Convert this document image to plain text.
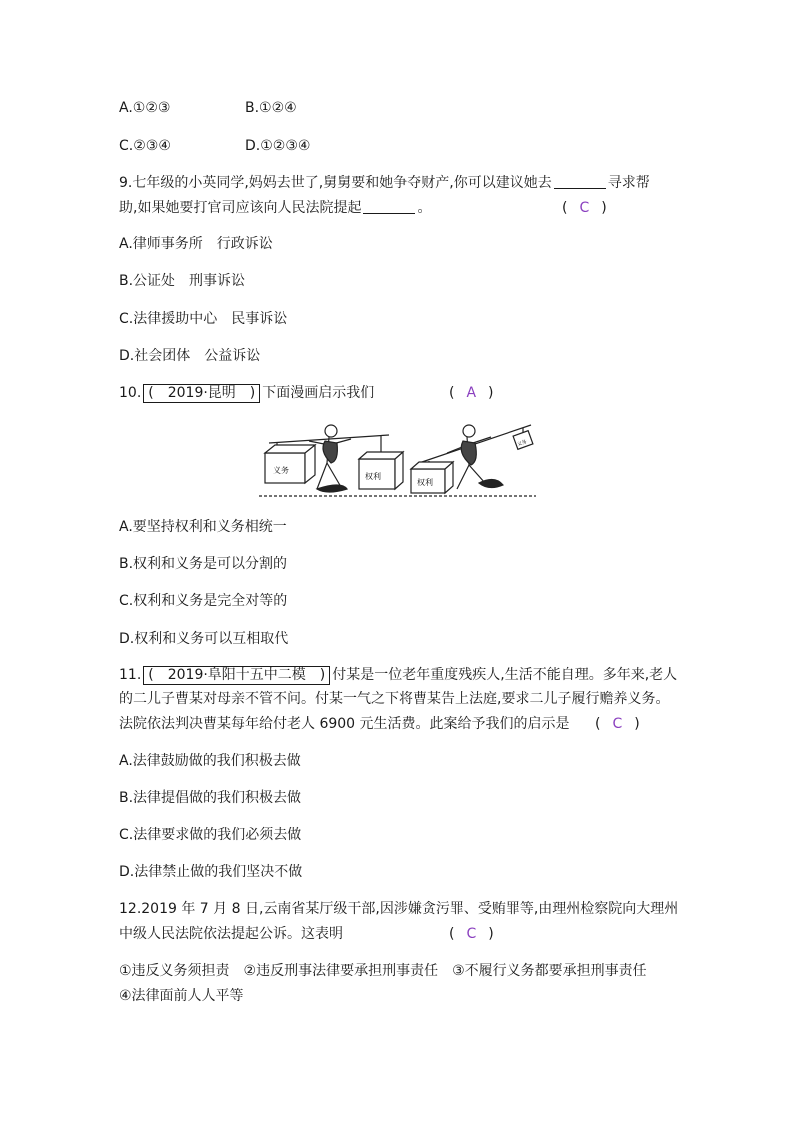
A.①②③	B.①②④
C.②③④	D.①②③④
9.七年级的小英同学,妈妈去世了,舅舅要和她争夺财产,你可以建议她去	寻求帮
助,如果她要打官司应该向人民法院提起	。	( C )
A.律师事务所　行政诉讼
B.公证处　刑事诉讼
C.法律援助中心　民事诉讼
D.社会团体　公益诉讼
10. (　2019·昆明　) 下面漫画启示我们	( A )
义务
权利
权利
义务
A.要坚持权利和义务相统一
B.权利和义务是可以分割的
C.权利和义务是完全对等的
D.权利和义务可以互相取代
11. (　2019·阜阳十五中二模　) 付某是一位老年重度残疾人,生活不能自理。多年来,老人
的二儿子曹某对母亲不管不问。付某一气之下将曹某告上法庭,要求二儿子履行赡养义务。
法院依法判决曹某每年给付老人 6900 元生活费。此案给予我们的启示是 ( C )
A.法律鼓励做的我们积极去做
B.法律提倡做的我们积极去做
C.法律要求做的我们必须去做
D.法律禁止做的我们坚决不做
12.2019 年 7 月 8 日,云南省某厅级干部,因涉嫌贪污罪、受贿罪等,由理州检察院向大理州
中级人民法院依法提起公诉。这表明	( C )
①违反义务须担责　②违反刑事法律要承担刑事责任　③不履行义务都要承担刑事责任
④法律面前人人平等
